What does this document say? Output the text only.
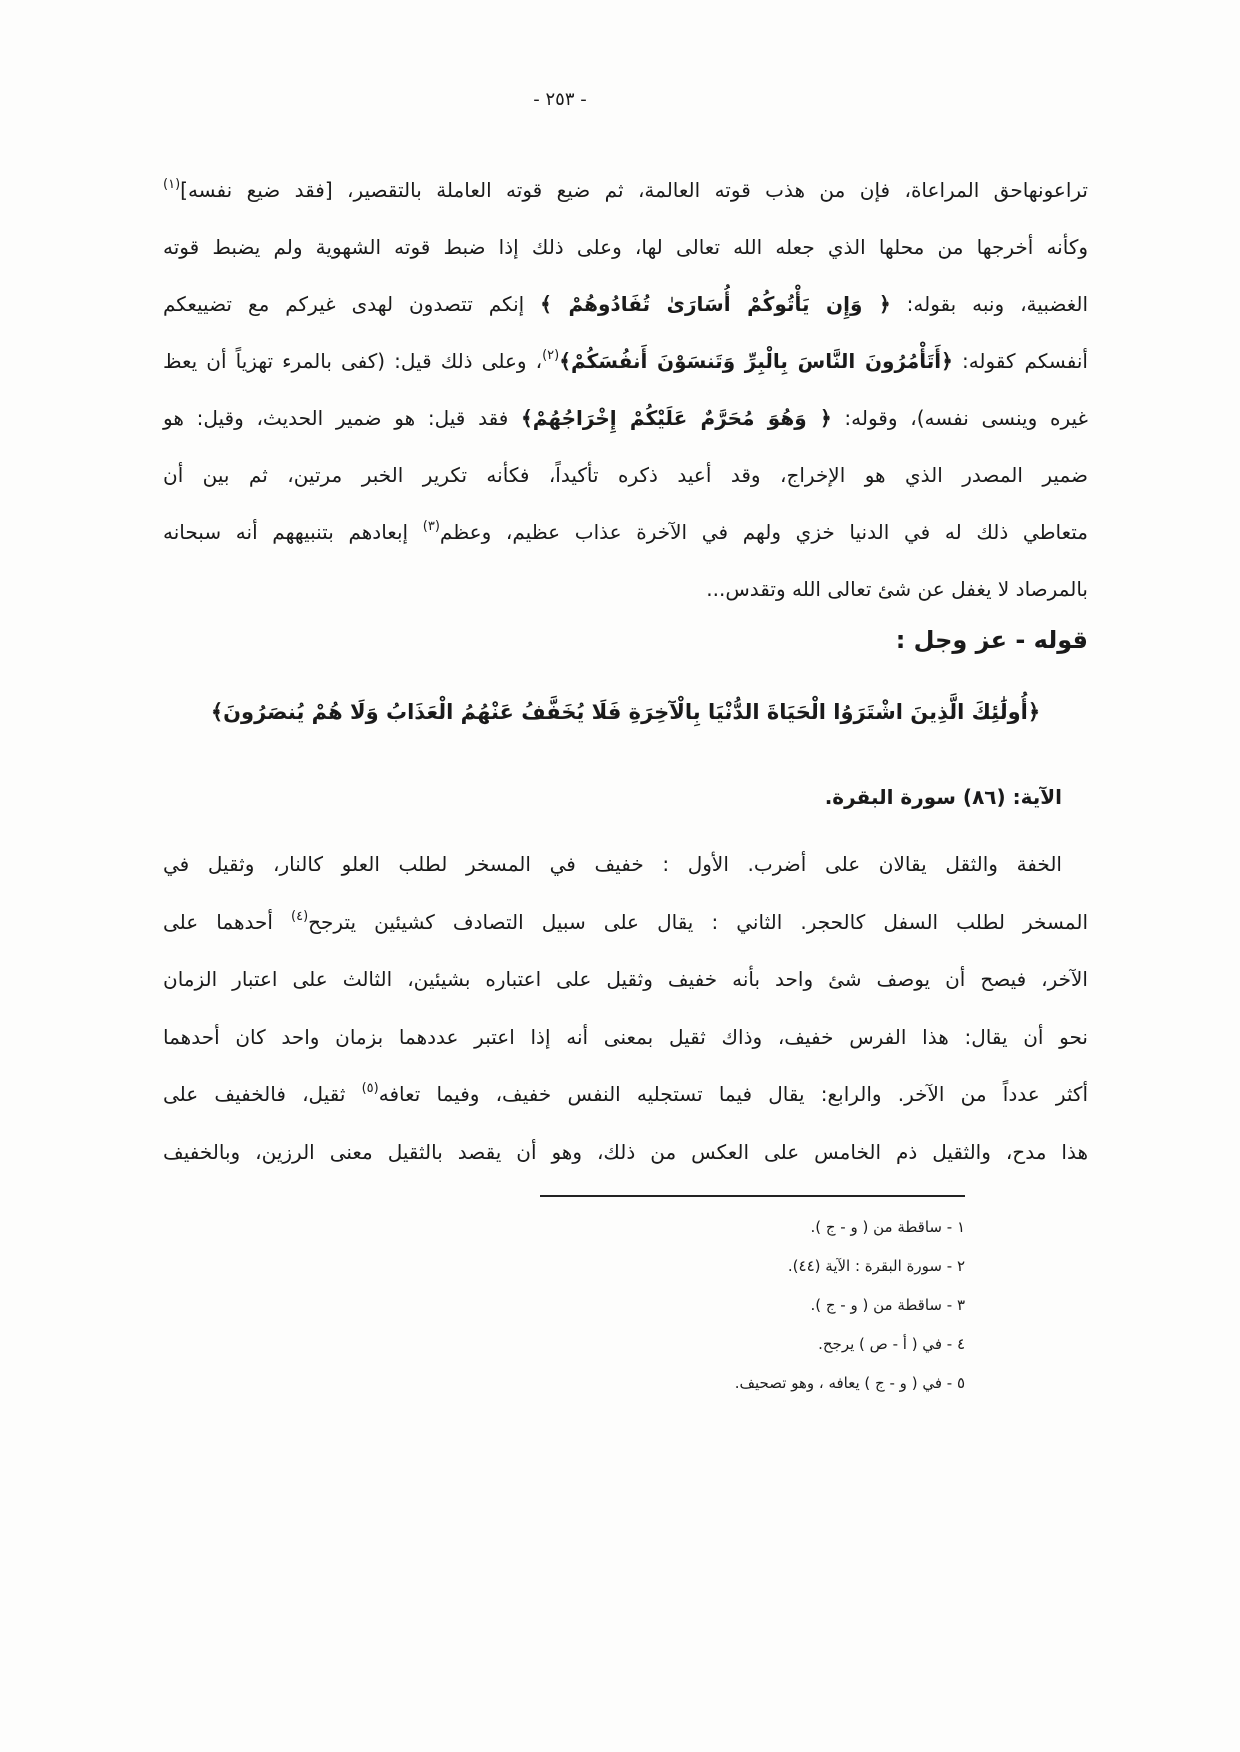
- ٢٥٣ -
تراعونهاحق المراعاة، فإن من هذب قوته العالمة، ثم ضيع قوته العاملة بالتقصير، [فقد ضيع نفسه]$^{(١)}$
وكأنه أخرجها من محلها الذي جعله الله تعالى لها، وعلى ذلك إذا ضبط قوته الشهوية ولم يضبط قوته
الغضبية، ونبه بقوله: ﴿ وَإِن يَأْتُوكُمْ أُسَارَىٰ تُفَادُوهُمْ ﴾ إنكم تتصدون لهدى غيركم مع تضييعكم
أنفسكم كقوله: ﴿أَتَأْمُرُونَ النَّاسَ بِالْبِرِّ وَتَنسَوْنَ أَنفُسَكُمْ﴾$^{(٢)}$، وعلى ذلك قيل: (كفى بالمرء تهزياً أن يعظ
غيره وينسى نفسه)، وقوله: ﴿ وَهُوَ مُحَرَّمٌ عَلَيْكُمْ إِخْرَاجُهُمْ﴾ فقد قيل: هو ضمير الحديث، وقيل: هو
ضمير المصدر الذي هو الإخراج، وقد أعيد ذكره تأكيداً، فكأنه تكرير الخبر مرتين، ثم بين أن
متعاطي ذلك له في الدنيا خزي ولهم في الآخرة عذاب عظيم، وعظم$^{(٣)}$ إبعادهم بتنبيههم أنه سبحانه
بالمرصاد لا يغفل عن شئ تعالى الله وتقدس...
قوله - عز وجل :
﴿أُولَٰئِكَ الَّذِينَ اشْتَرَوُا الْحَيَاةَ الدُّنْيَا بِالْآخِرَةِ فَلَا يُخَفَّفُ عَنْهُمُ الْعَذَابُ وَلَا هُمْ يُنصَرُونَ﴾
الآية: (٨٦) سورة البقرة.
الخفة والثقل يقالان على أضرب. الأول : خفيف في المسخر لطلب العلو كالنار، وثقيل في
المسخر لطلب السفل كالحجر. الثاني : يقال على سبيل التصادف كشيئين يترجح$^{(٤)}$ أحدهما على
الآخر، فيصح أن يوصف شئ واحد بأنه خفيف وثقيل على اعتباره بشيئين، الثالث على اعتبار الزمان
نحو أن يقال: هذا الفرس خفيف، وذاك ثقيل بمعنى أنه إذا اعتبر عددهما بزمان واحد كان أحدهما
أكثر عدداً من الآخر. والرابع: يقال فيما تستجليه النفس خفيف، وفيما تعافه$^{(٥)}$ ثقيل، فالخفيف على
هذا مدح، والثقيل ذم الخامس على العكس من ذلك، وهو أن يقصد بالثقيل معنى الرزين، وبالخفيف
١ - ساقطة من ( و - ج ).
٢ - سورة البقرة : الآية (٤٤).
٣ - ساقطة من ( و - ج ).
٤ - في ( أ - ص ) يرجح.
٥ - في ( و - ج ) يعافه ، وهو تصحيف.
